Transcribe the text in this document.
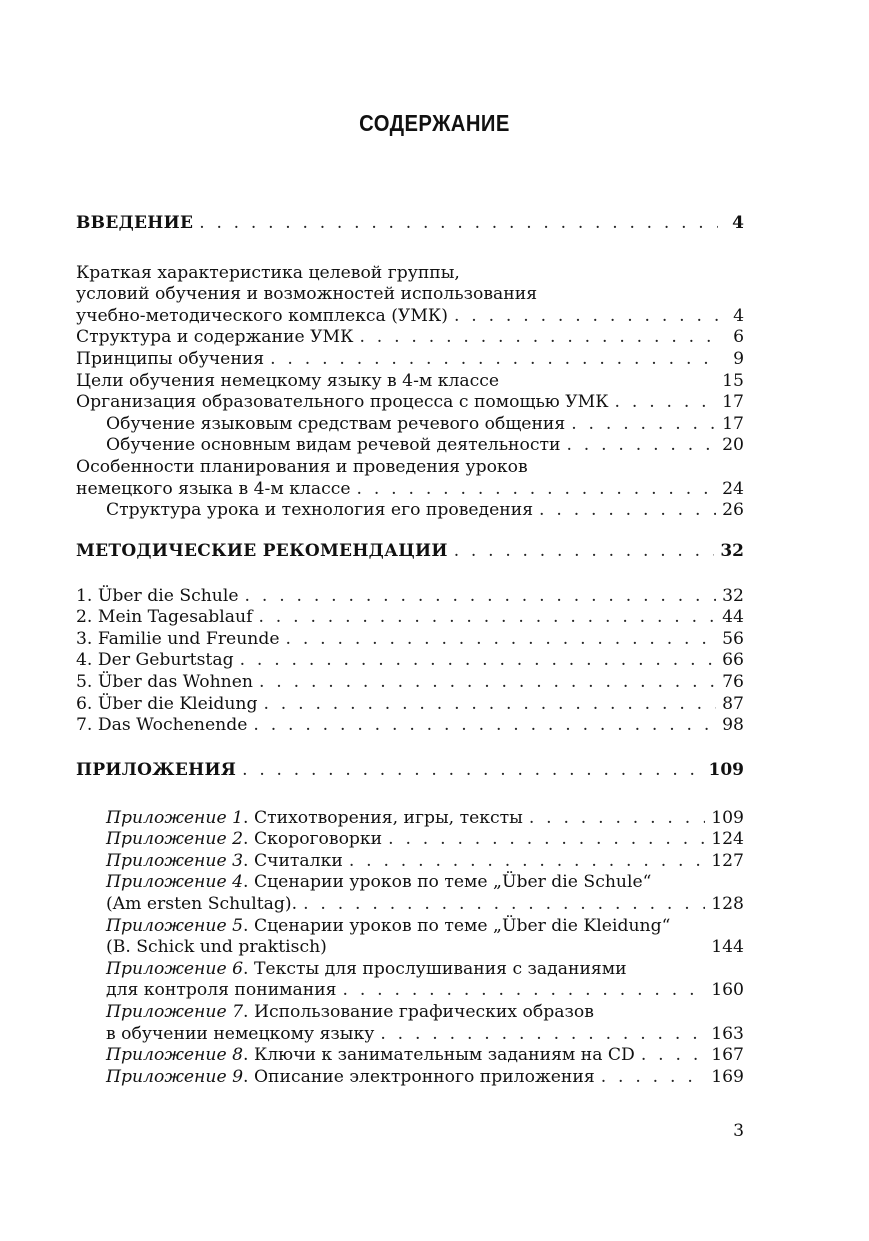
СОДЕРЖАНИЕ
ВВЕДЕНИЕ . . .	4
Краткая характеристика целевой группы,
условий обучения и возможностей использования
учебно-методического комплекса (УМК) . . .	4
Структура и содержание УМК . . .	6
Принципы обучения . . .	9
Цели обучения немецкому языку в 4-м классе	15
Организация образовательного процесса с помощью УМК . . .	17
Обучение языковым средствам речевого общения . . .	17
Обучение основным видам речевой деятельности . . .	20
Особенности планирования и проведения уроков
немецкого языка в 4-м классе . . .	24
Структура урока и технология его проведения . . .	26
МЕТОДИЧЕСКИЕ РЕКОМЕНДАЦИИ . . .	32
1. Über die Schule . . .	32
2. Mein Tagesablauf . . .	44
3. Familie und Freunde . . .	56
4. Der Geburtstag . . .	66
5. Über das Wohnen . . .	76
6. Über die Kleidung . . .	87
7. Das Wochenende . . .	98
ПРИЛОЖЕНИЯ . . .	109
Приложение 1. Стихотворения, игры, тексты . . .	109
Приложение 2. Скороговорки . . .	124
Приложение 3. Считалки . . .	127
Приложение 4. Сценарии уроков по теме „Über die Schule“
(Am ersten Schultag). . . .	128
Приложение 5. Сценарии уроков по теме „Über die Kleidung“
(B. Schick und praktisch)	144
Приложение 6. Тексты для прослушивания с заданиями
для контроля понимания . . .	160
Приложение 7. Использование графических образов
в обучении немецкому языку . . .	163
Приложение 8. Ключи к занимательным заданиям на CD . . .	167
Приложение 9. Описание электронного приложения . . .	169
3
